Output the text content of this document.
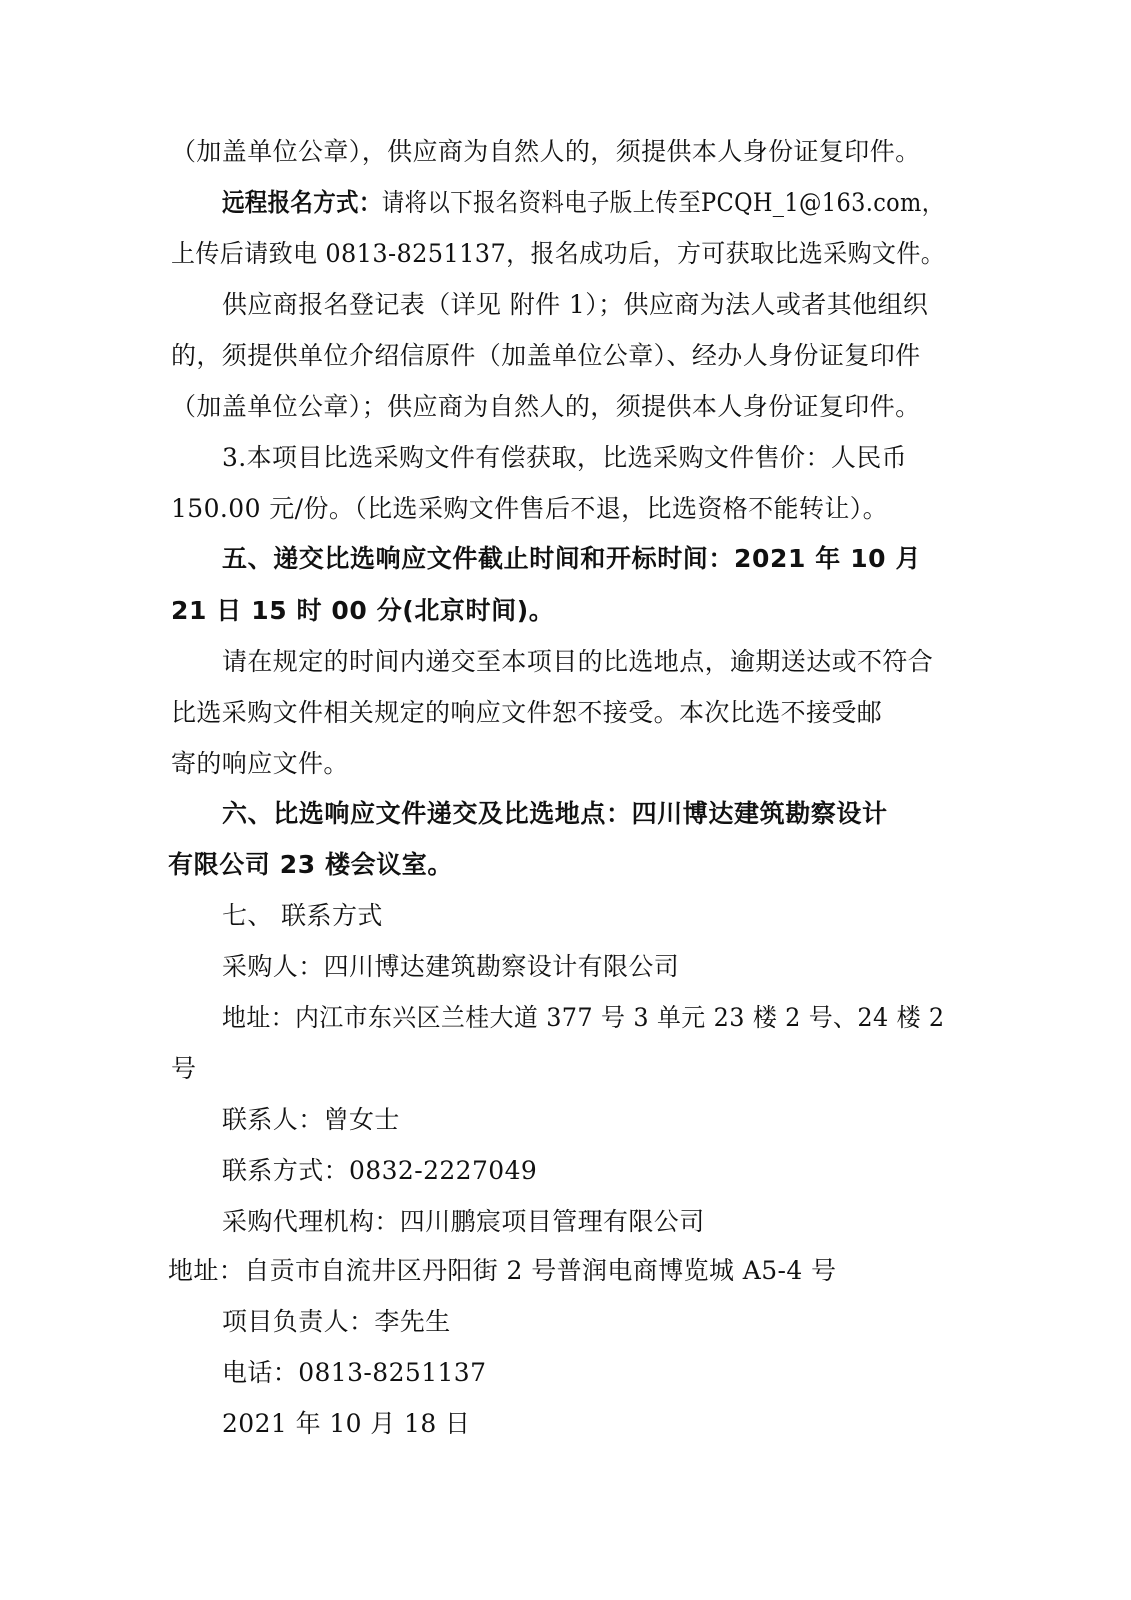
（加盖单位公章），供应商为自然人的，须提供本人身份证复印件。
远程报名方式：请将以下报名资料电子版上传至PCQH_1@163.com，
上传后请致电 0813-8251137，报名成功后，方可获取比选采购文件。
供应商报名登记表（详见 附件 1）；供应商为法人或者其他组织
的，须提供单位介绍信原件（加盖单位公章）、经办人身份证复印件
（加盖单位公章）；供应商为自然人的，须提供本人身份证复印件。
3.本项目比选采购文件有偿获取，比选采购文件售价：人民币
150.00 元/份。（比选采购文件售后不退，比选资格不能转让）。
五、递交比选响应文件截止时间和开标时间：2021 年 10 月
21 日 15 时 00 分(北京时间)。
请在规定的时间内递交至本项目的比选地点，逾期送达或不符合
比选采购文件相关规定的响应文件恕不接受。本次比选不接受邮
寄的响应文件。
六、比选响应文件递交及比选地点：四川博达建筑勘察设计
有限公司 23 楼会议室。
七、 联系方式
采购人：四川博达建筑勘察设计有限公司
地址：内江市东兴区兰桂大道 377 号 3 单元 23 楼 2 号、24 楼 2
号
联系人：曾女士
联系方式：0832-2227049
采购代理机构：四川鹏宸项目管理有限公司
地址：自贡市自流井区丹阳街 2 号普润电商博览城 A5-4 号
项目负责人：李先生
电话：0813-8251137
2021 年 10 月 18 日
